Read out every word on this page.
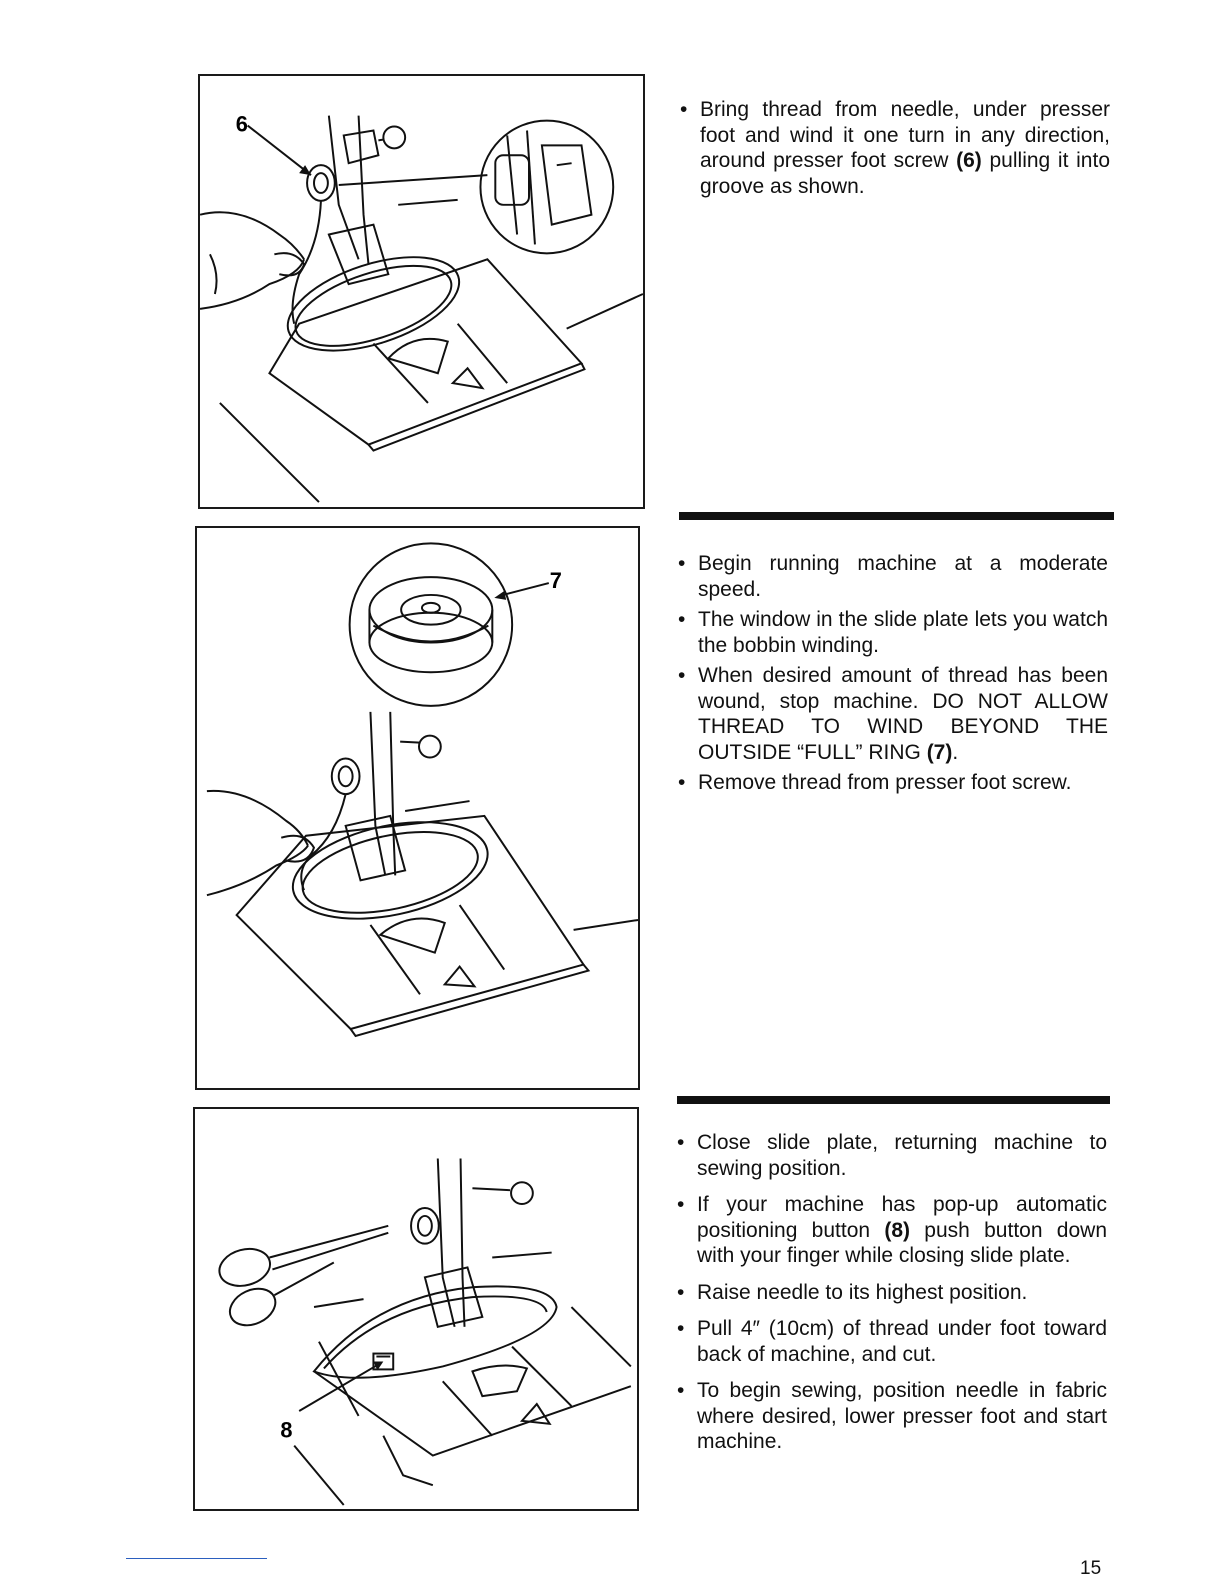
6
7
8
• Bring thread from needle, under presser foot and wind it one turn in any direction, around presser foot screw (6) pulling it into groove as shown.
• Begin running machine at a moderate speed.
• The window in the slide plate lets you watch the bobbin winding.
• When desired amount of thread has been wound, stop machine. DO NOT ALLOW THREAD TO WIND BEYOND THE OUTSIDE “FULL” RING (7).
• Remove thread from presser foot screw.
• Close slide plate, returning machine to sewing position.
• If your machine has pop-up automatic positioning button (8) push button down with your finger while closing slide plate.
• Raise needle to its highest position.
• Pull 4″ (10cm) of thread under foot toward back of machine, and cut.
• To begin sewing, position needle in fabric where desired, lower presser foot and start machine.
15
